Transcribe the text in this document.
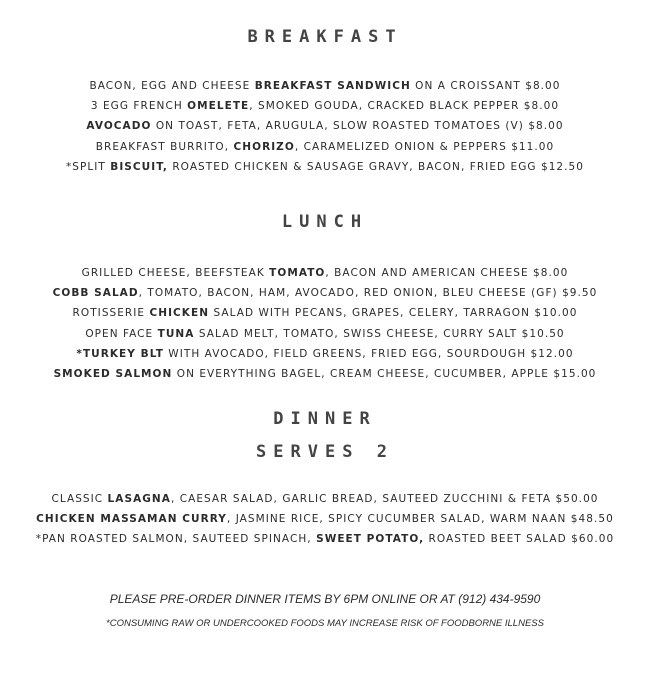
BREAKFAST
BACON, EGG AND CHEESE BREAKFAST SANDWICH ON A CROISSANT $8.00
3 EGG FRENCH OMELETE, SMOKED GOUDA, CRACKED BLACK PEPPER $8.00
AVOCADO ON TOAST, FETA, ARUGULA, SLOW ROASTED TOMATOES (V) $8.00
BREAKFAST BURRITO, CHORIZO, CARAMELIZED ONION & PEPPERS $11.00
*SPLIT BISCUIT, ROASTED CHICKEN & SAUSAGE GRAVY, BACON, FRIED EGG $12.50
LUNCH
GRILLED CHEESE, BEEFSTEAK TOMATO, BACON AND AMERICAN CHEESE $8.00
COBB SALAD, TOMATO, BACON, HAM, AVOCADO, RED ONION, BLEU CHEESE (GF) $9.50
ROTISSERIE CHICKEN SALAD WITH PECANS, GRAPES, CELERY, TARRAGON $10.00
OPEN FACE TUNA SALAD MELT, TOMATO, SWISS CHEESE, CURRY SALT $10.50
*TURKEY BLT WITH AVOCADO, FIELD GREENS, FRIED EGG, SOURDOUGH $12.00
SMOKED SALMON ON EVERYTHING BAGEL, CREAM CHEESE, CUCUMBER, APPLE $15.00
DINNER
SERVES 2
CLASSIC LASAGNA, CAESAR SALAD, GARLIC BREAD, SAUTEED ZUCCHINI & FETA $50.00
CHICKEN MASSAMAN CURRY, JASMINE RICE, SPICY CUCUMBER SALAD, WARM NAAN $48.50
*PAN ROASTED SALMON, SAUTEED SPINACH, SWEET POTATO, ROASTED BEET SALAD $60.00

PLEASE PRE-ORDER DINNER ITEMS BY 6PM ONLINE OR AT (912) 434-9590

*CONSUMING RAW OR UNDERCOOKED FOODS MAY INCREASE RISK OF FOODBORNE ILLNESS
